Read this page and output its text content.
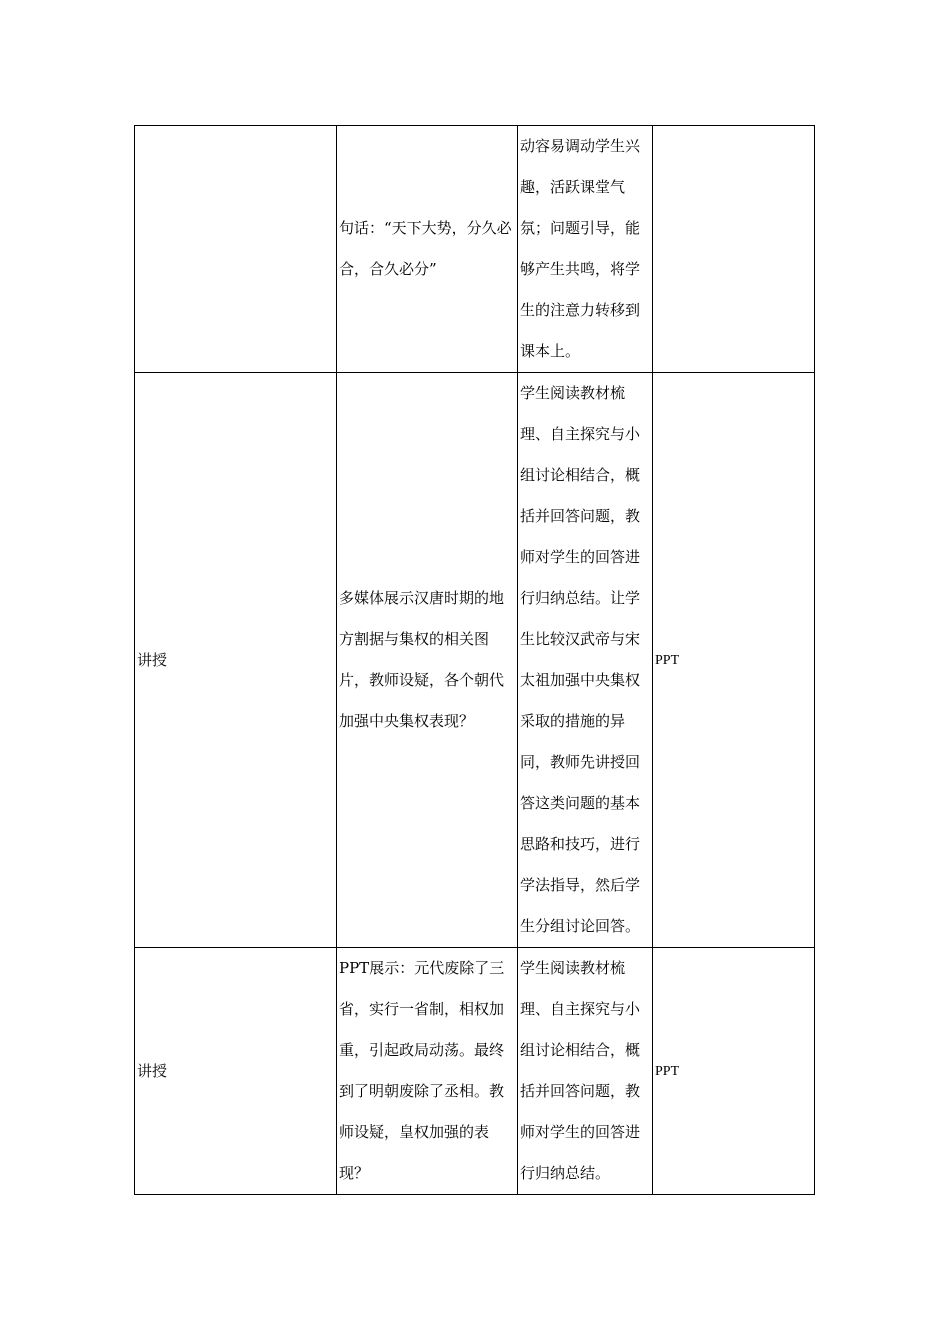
	句话：“天下大势，分久必合，合久必分”	动容易调动学生兴趣，活跃课堂气氛；问题引导，能够产生共鸣，将学生的注意力转移到课本上。	

讲授	多媒体展示汉唐时期的地方割据与集权的相关图片，教师设疑，各个朝代加强中央集权表现？	学生阅读教材梳理、自主探究与小组讨论相结合，概括并回答问题，教师对学生的回答进行归纳总结。让学生比较汉武帝与宋太祖加强中央集权采取的措施的异同，教师先讲授回答这类问题的基本思路和技巧，进行学法指导，然后学生分组讨论回答。	PPT

讲授	PPT展示：元代废除了三省，实行一省制，相权加重，引起政局动荡。最终到了明朝废除了丞相。教师设疑，皇权加强的表现？	学生阅读教材梳理、自主探究与小组讨论相结合，概括并回答问题，教师对学生的回答进行归纳总结。	PPT
